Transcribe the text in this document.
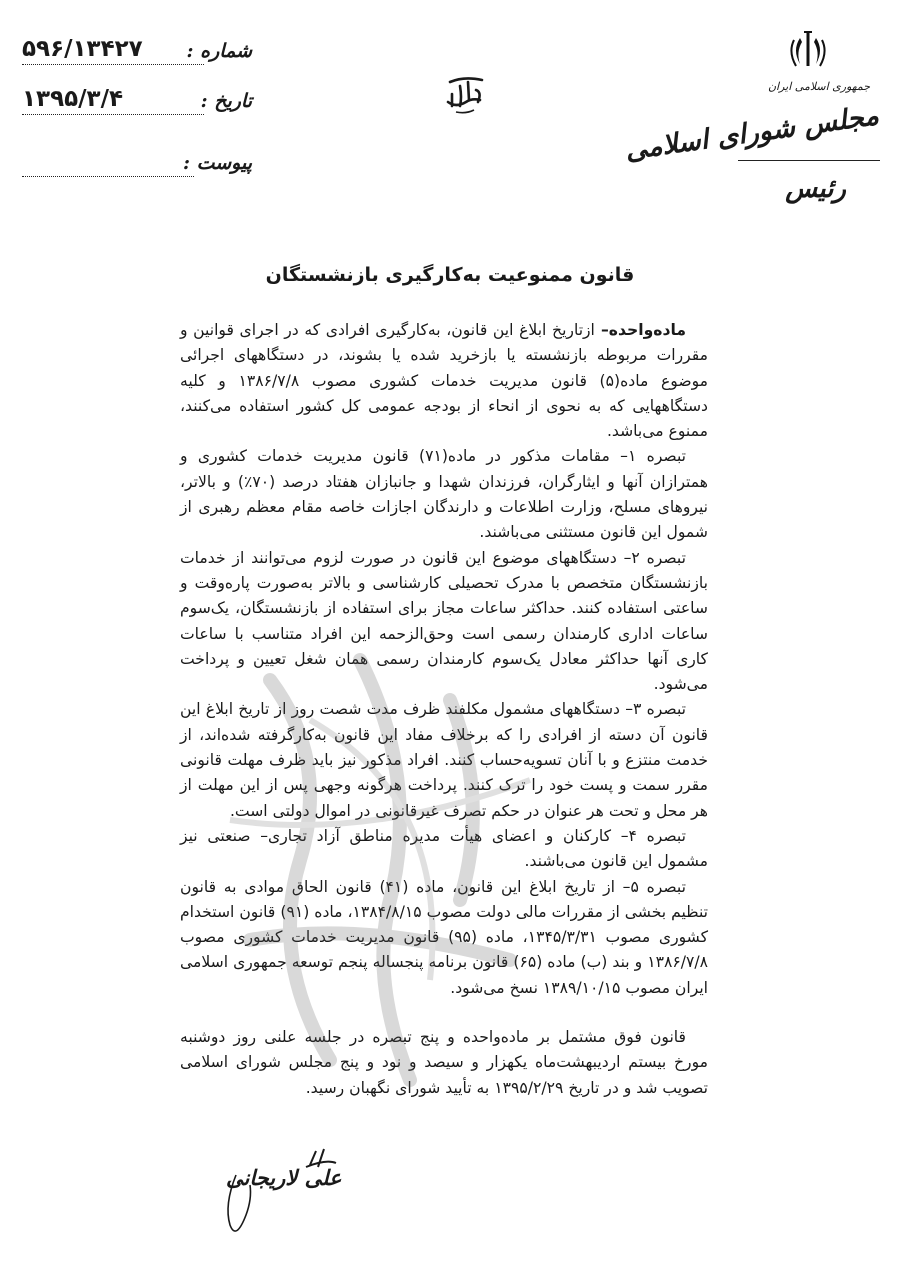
۵۹۶/۱۳۴۲۷ شماره :
۱۳۹۵/۳/۴	تاریخ :
پیوست :
جمهوری اسلامی ایران
مجلس شورای اسلامی
رئیس
قانون ممنوعیت به‌کارگیری بازنشستگان

ماده‌واحده– ازتاریخ ابلاغ این قانون، به‌کارگیری افرادی که در اجرای قوانین و مقررات مربوطه بازنشسته یا بازخرید شده یا بشوند، در دستگاههای اجرائی موضوع ماده(۵) قانون مدیریت خدمات کشوری مصوب ۱۳۸۶/۷/۸ و کلیه دستگاههایی که به نحوی از انحاء از بودجه عمومی کل کشور استفاده می‌کنند، ممنوع می‌باشد.

تبصره ۱– مقامات مذکور در ماده(۷۱) قانون مدیریت خدمات کشوری و همترازان آنها و ایثارگران، فرزندان شهدا و جانبازان هفتاد درصد (۷۰٪) و بالاتر، نیروهای مسلح، وزارت اطلاعات و دارندگان اجازات خاصه مقام معظم رهبری از شمول این قانون مستثنی می‌باشند.

تبصره ۲– دستگاههای موضوع این قانون در صورت لزوم می‌توانند از خدمات بازنشستگان متخصص با مدرک تحصیلی کارشناسی و بالاتر به‌صورت پاره‌وقت و ساعتی استفاده کنند. حداکثر ساعات مجاز برای استفاده از بازنشستگان، یک‌سوم ساعات اداری کارمندان رسمی است وحق‌الزحمه این افراد متناسب با ساعات کاری آنها حداکثر معادل یک‌سوم کارمندان رسمی همان شغل تعیین و پرداخت می‌شود.

تبصره ۳– دستگاههای مشمول مکلفند ظرف مدت شصت روز از تاریخ ابلاغ این قانون آن دسته از افرادی را که برخلاف مفاد این قانون به‌کارگرفته شده‌اند، از خدمت منتزع و با آنان تسویه‌حساب کنند. افراد مذکور نیز باید ظرف مهلت قانونی مقرر سمت و پست خود را ترک کنند. پرداخت هرگونه وجهی پس از این مهلت از هر محل و تحت هر عنوان در حکم تصرف غیرقانونی در اموال دولتی است.

تبصره ۴– کارکنان و اعضای هیأت مدیره مناطق آزاد تجاری– صنعتی نیز مشمول این قانون می‌باشند.

تبصره ۵– از تاریخ ابلاغ این قانون، ماده (۴۱) قانون الحاق موادی به قانون تنظیم بخشی از مقررات مالی دولت مصوب ۱۳۸۴/۸/۱۵، ماده (۹۱) قانون استخدام کشوری مصوب ۱۳۴۵/۳/۳۱، ماده (۹۵) قانون مدیریت خدمات کشوری مصوب ۱۳۸۶/۷/۸ و بند (ب) ماده (۶۵) قانون برنامه پنجساله پنجم توسعه جمهوری اسلامی ایران مصوب ۱۳۸۹/۱۰/۱۵ نسخ می‌شود.

قانون فوق مشتمل بر ماده‌واحده و پنج تبصره در جلسه علنی روز دوشنبه مورخ بیستم اردیبهشت‌ماه یکهزار و سیصد و نود و پنج مجلس شورای اسلامی تصویب شد و در تاریخ ۱۳۹۵/۲/۲۹ به تأیید شورای نگهبان رسید.

علی لاریجانی
